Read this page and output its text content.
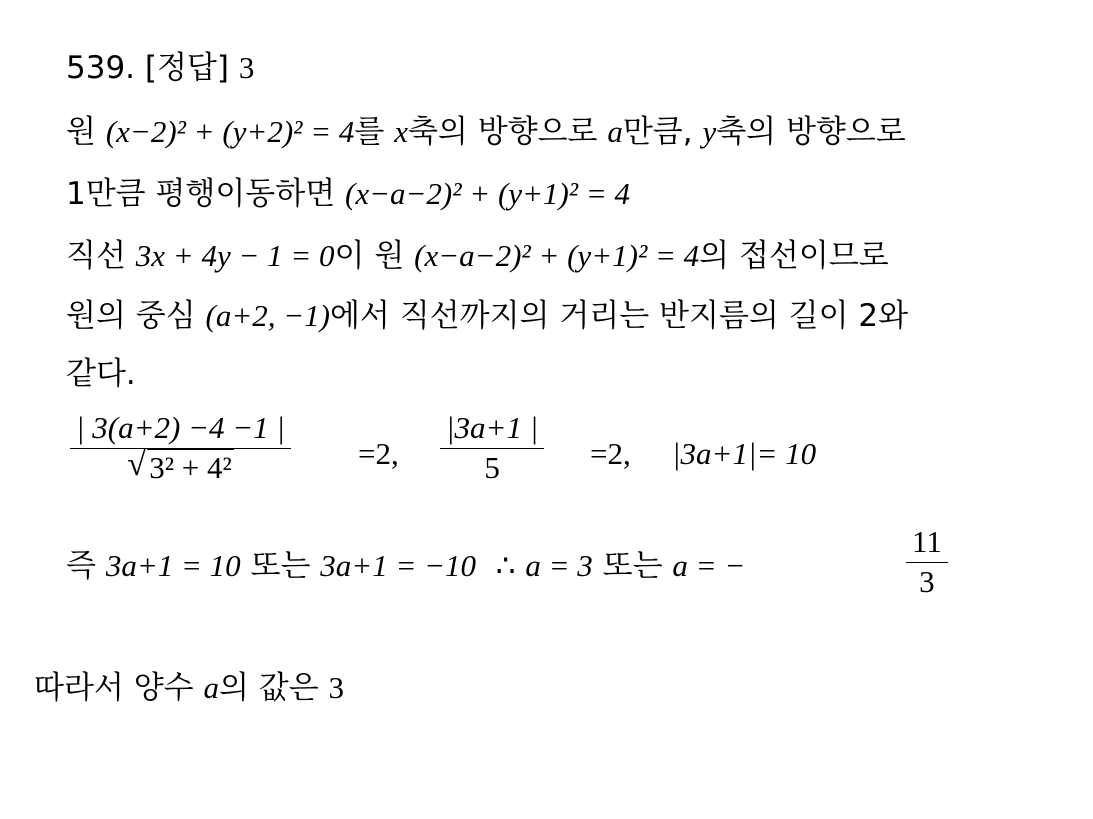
539. [정답] 3
원 (x−2)² + (y+2)² = 4를 x축의 방향으로 a만큼, y축의 방향으로
1만큼 평행이동하면 (x−a−2)² + (y+1)² = 4
직선 3x + 4y − 1 = 0이 원 (x−a−2)² + (y+1)² = 4의 접선이므로
원의 중심 (a+2, −1)에서 직선까지의 거리는 반지름의 길이 2와
같다.
$\frac{| 3(a+2) -4 -1 |}{\text{√ 3² + 4²}} =2$, $\frac{|3a+1 |}{5} =2$, |3a+1|= 10
즉 3a+1 = 10 또는 3a+1 = −10 ∴ a = 3 또는 a = −	$\frac{11}{3}$
따라서 양수 a의 값은 3
